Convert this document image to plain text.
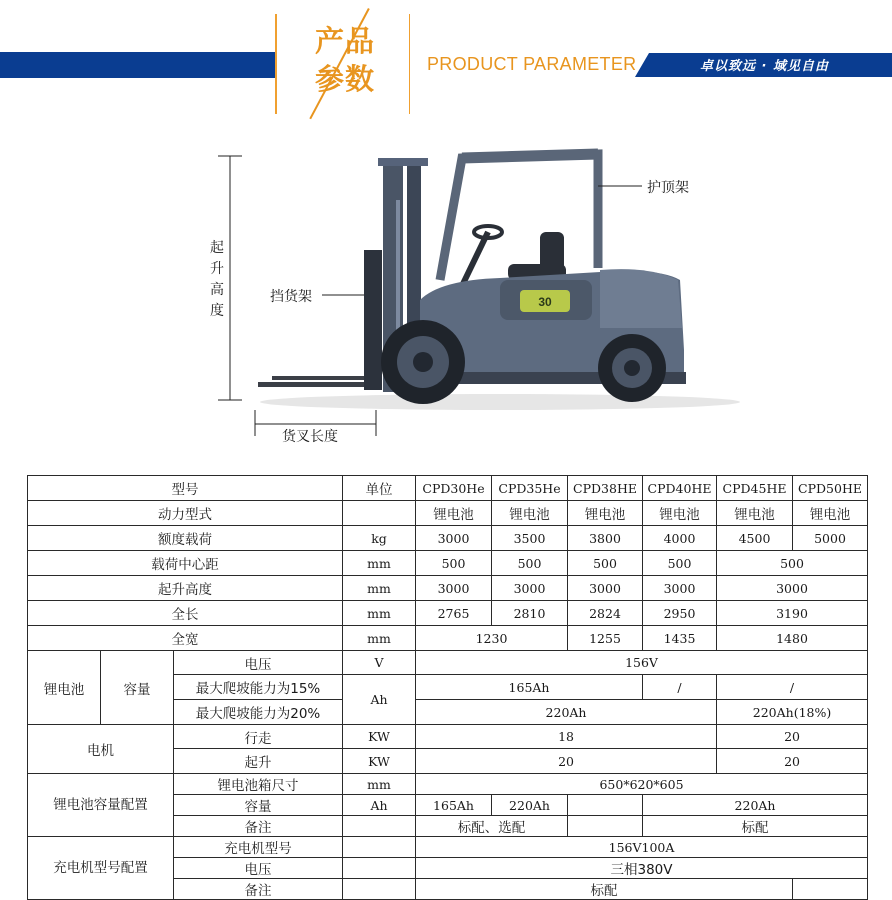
产品
参数	PRODUCT PARAMETER	卓以致远 · 域见自由
30
护顶架
挡货架
起升高度
货叉长度
型号			单位	CPD30He	CPD35He	CPD38HE	CPD40HE	CPD45HE	CPD50HE
动力型式				锂电池	锂电池	锂电池	锂电池	锂电池	锂电池
额度载荷			kg	3000	3500	3800	4000	4500	5000
载荷中心距			mm	500	500	500	500	500	
起升高度			mm	3000	3000	3000	3000	3000	
全长			mm	2765	2810	2824	2950	3190	
全宽			mm	1230		1255	1435	1480	
锂电池	容量	电压	V	156V					
		最大爬坡能力为15%	Ah	165Ah			/	/	
		最大爬坡能力为20%		220Ah				220Ah(18%)	
电机		行走	KW	18				20	
		起升	KW	20				20	
锂电池容量配置		锂电池箱尺寸	mm	650*620*605					
		容量	Ah	165Ah	220Ah		220Ah		
		备注		标配、选配			标配		
充电机型号配置		充电机型号		156V100A					
		电压		三相380V					
		备注		标配					
